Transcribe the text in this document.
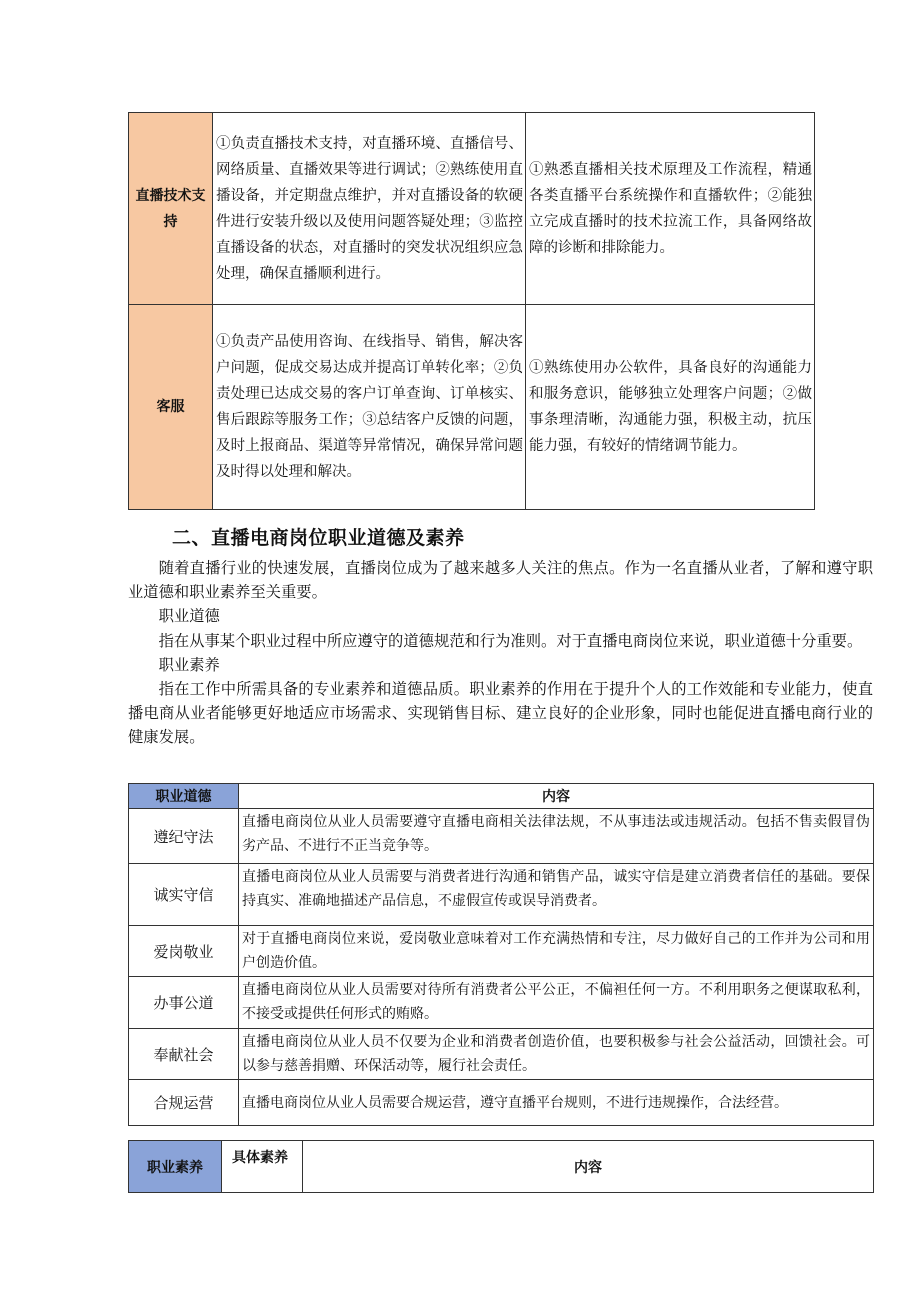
直播技术支持	①负责直播技术支持，对直播环境、直播信号、网络质量、直播效果等进行调试；②熟练使用直播设备，并定期盘点维护，并对直播设备的软硬件进行安装升级以及使用问题答疑处理；③监控直播设备的状态，对直播时的突发状况组织应急处理，确保直播顺利进行。	①熟悉直播相关技术原理及工作流程，精通各类直播平台系统操作和直播软件；②能独立完成直播时的技术拉流工作，具备网络故障的诊断和排除能力。
客服	①负责产品使用咨询、在线指导、销售，解决客户问题，促成交易达成并提高订单转化率；②负责处理已达成交易的客户订单查询、订单核实、售后跟踪等服务工作；③总结客户反馈的问题，及时上报商品、渠道等异常情况，确保异常问题及时得以处理和解决。	①熟练使用办公软件，具备良好的沟通能力和服务意识，能够独立处理客户问题；②做事条理清晰，沟通能力强，积极主动，抗压能力强，有较好的情绪调节能力。
二、直播电商岗位职业道德及素养

随着直播行业的快速发展，直播岗位成为了越来越多人关注的焦点。作为一名直播从业者，了解和遵守职业道德和职业素养至关重要。

职业道德

指在从事某个职业过程中所应遵守的道德规范和行为准则。对于直播电商岗位来说，职业道德十分重要。

职业素养

指在工作中所需具备的专业素养和道德品质。职业素养的作用在于提升个人的工作效能和专业能力，使直播电商从业者能够更好地适应市场需求、实现销售目标、建立良好的企业形象，同时也能促进直播电商行业的健康发展。

职业道德	内容
遵纪守法	直播电商岗位从业人员需要遵守直播电商相关法律法规，不从事违法或违规活动。包括不售卖假冒伪劣产品、不进行不正当竞争等。
诚实守信	直播电商岗位从业人员需要与消费者进行沟通和销售产品，诚实守信是建立消费者信任的基础。要保持真实、准确地描述产品信息，不虚假宣传或误导消费者。
爱岗敬业	对于直播电商岗位来说，爱岗敬业意味着对工作充满热情和专注，尽力做好自己的工作并为公司和用户创造价值。
办事公道	直播电商岗位从业人员需要对待所有消费者公平公正，不偏袒任何一方。不利用职务之便谋取私利，不接受或提供任何形式的贿赂。
奉献社会	直播电商岗位从业人员不仅要为企业和消费者创造价值，也要积极参与社会公益活动，回馈社会。可以参与慈善捐赠、环保活动等，履行社会责任。
合规运营	直播电商岗位从业人员需要合规运营，遵守直播平台规则，不进行违规操作，合法经营。
职业素养	具体素养	内容
